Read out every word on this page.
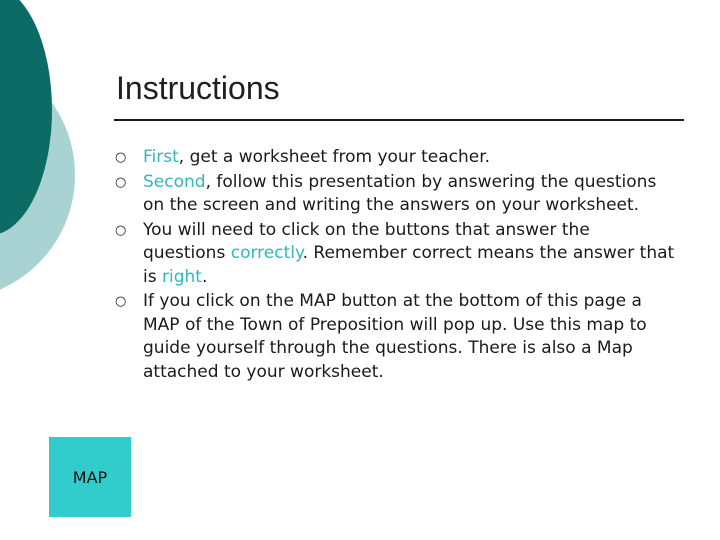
Instructions
○ First, get a worksheet from your teacher.
○ Second, follow this presentation by answering the questions on the screen and writing the answers on your worksheet.
○ You will need to click on the buttons that answer the questions correctly. Remember correct means the answer that is right.
○ If you click on the MAP button at the bottom of this page a MAP of the Town of Preposition will pop up. Use this map to guide yourself through the questions. There is also a Map attached to your worksheet.
MAP
